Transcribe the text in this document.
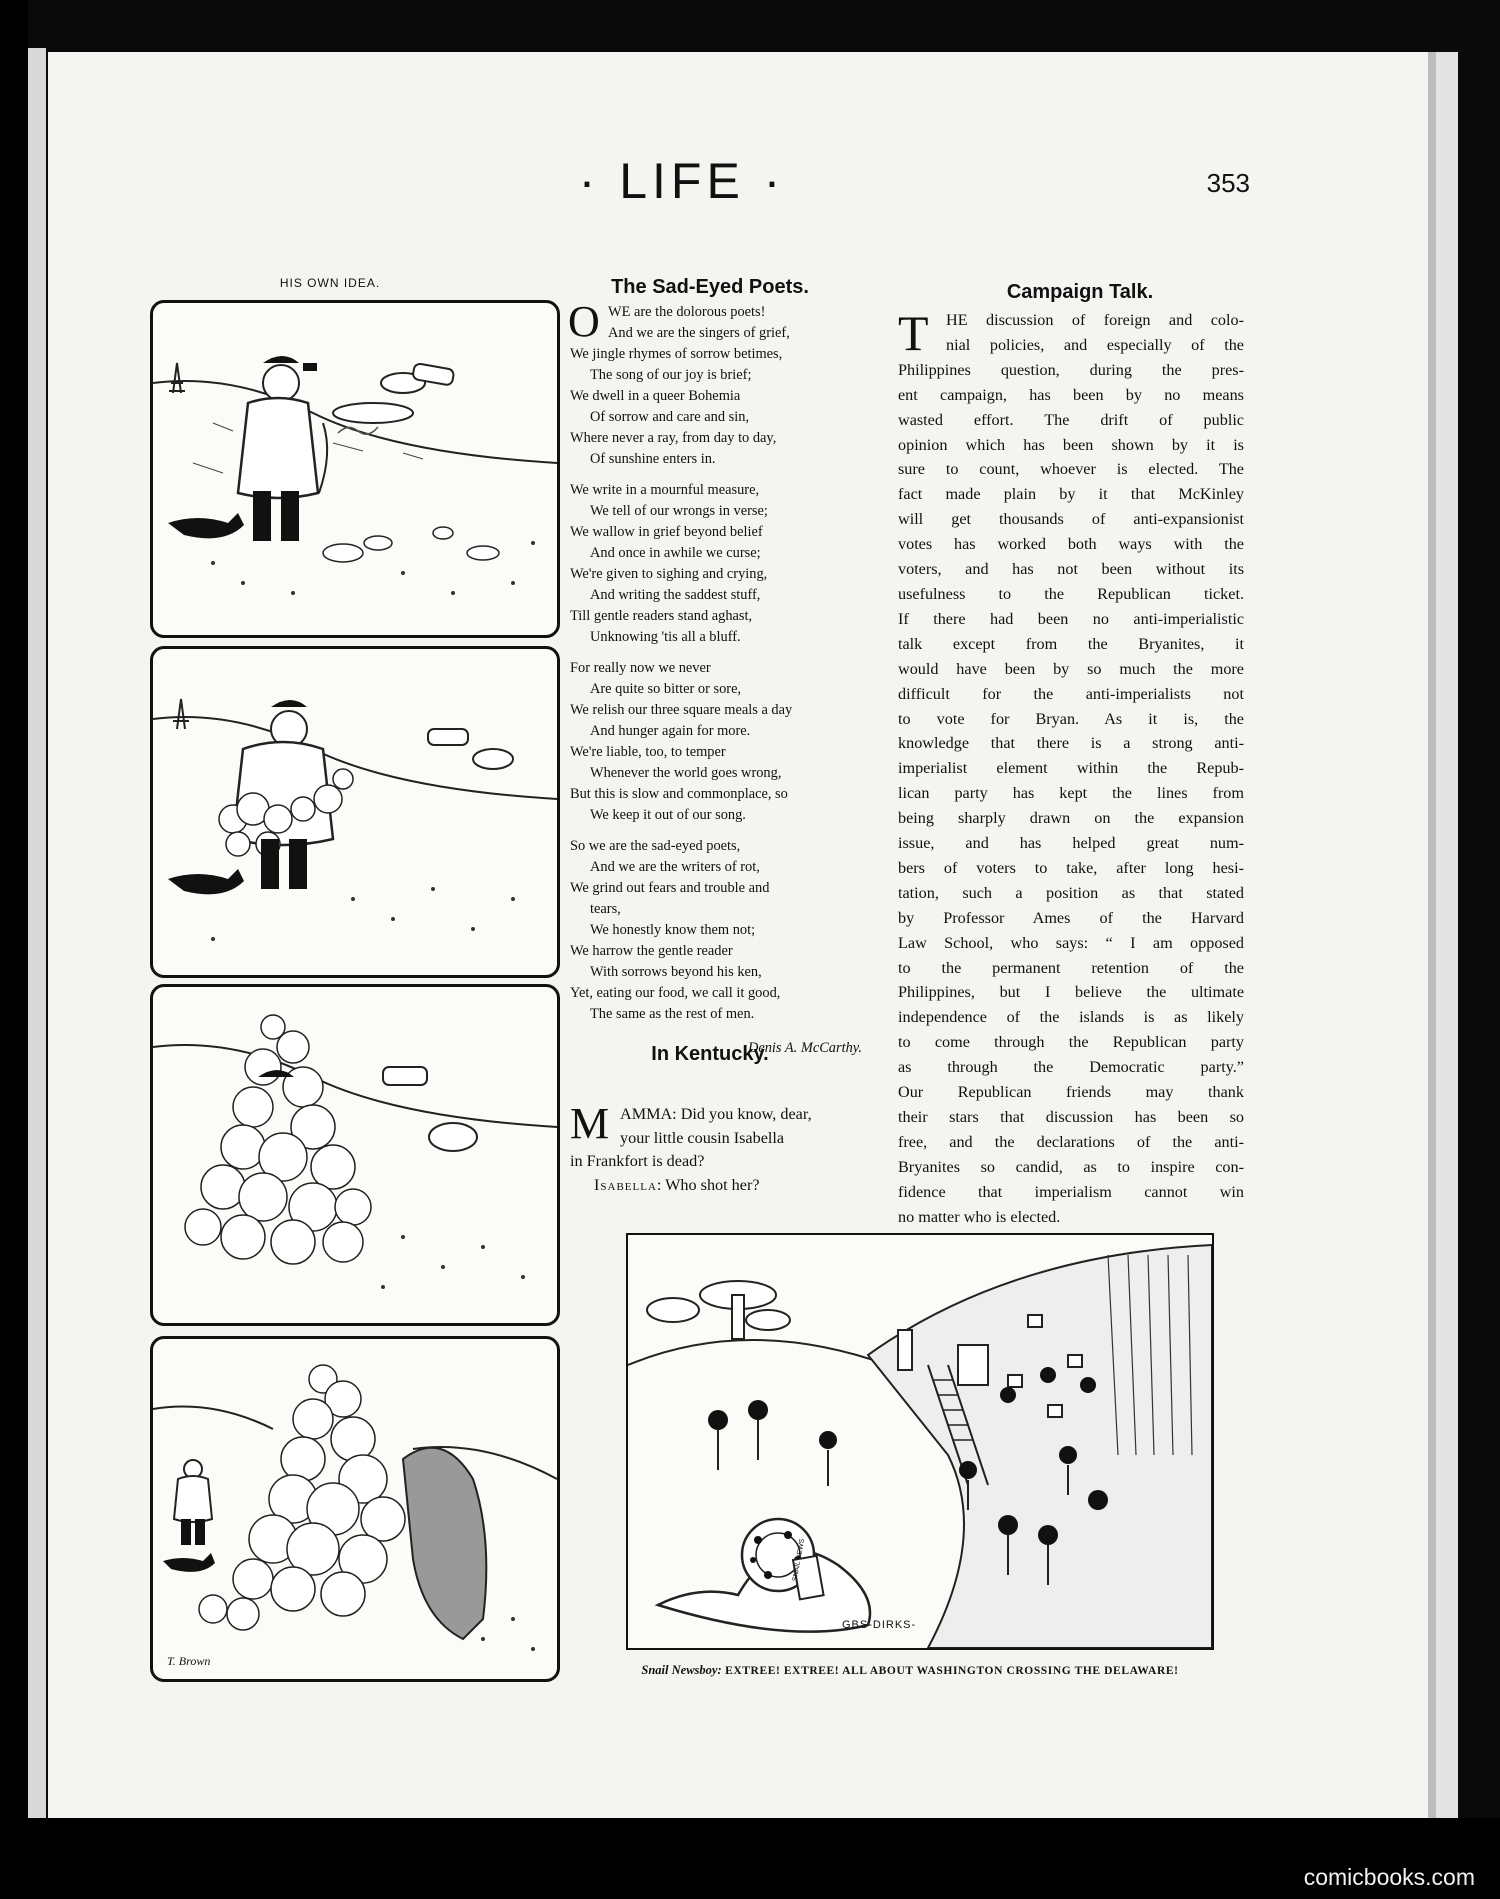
· LIFE ·	353
HIS OWN IDEA.
T. Brown
The Sad-Eyed Poets.
O WE are the dolorous poets!
And we are the singers of grief,
We jingle rhymes of sorrow betimes,
The song of our joy is brief;
We dwell in a queer Bohemia
Of sorrow and care and sin,
Where never a ray, from day to day,
Of sunshine enters in.
We write in a mournful measure,
We tell of our wrongs in verse;
We wallow in grief beyond belief
And once in awhile we curse;
We're given to sighing and crying,
And writing the saddest stuff,
Till gentle readers stand aghast,
Unknowing 'tis all a bluff.
For really now we never
Are quite so bitter or sore,
We relish our three square meals a day
And hunger again for more.
We're liable, too, to temper
Whenever the world goes wrong,
But this is slow and commonplace, so
We keep it out of our song.
So we are the sad-eyed poets,
And we are the writers of rot,
We grind out fears and trouble and
tears,
We honestly know them not;
We harrow the gentle reader
With sorrows beyond his ken,
Yet, eating our food, we call it good,
The same as the rest of men.
Denis A. McCarthy.
In Kentucky.
M AMMA: Did you know, dear,
your little cousin Isabella
in Frankfort is dead?
Isabella: Who shot her?
Campaign Talk.
T	HE discussion of foreign and colo-
nial policies, and especially of the
Philippines question, during the pres-
ent campaign, has been by no means
wasted effort. The drift of public
opinion which has been shown by it is
sure to count, whoever is elected. The
fact made plain by it that McKinley
will get thousands of anti-expansionist
votes has worked both ways with the
voters, and has not been without its
usefulness to the Republican ticket.
If there had been no anti-imperialistic
talk except from the Bryanites, it
would have been by so much the more
difficult for the anti-imperialists not
to vote for Bryan. As it is, the
knowledge that there is a strong anti-
imperialist element within the Repub-
lican party has kept the lines from
being sharply drawn on the expansion
issue, and has helped great num-
bers of voters to take, after long hesi-
tation, such a position as that stated
by Professor Ames of the Harvard
Law School, who says: “ I am opposed
to the permanent retention of the
Philippines, but I believe the ultimate
independence of the islands is as likely
to come through the Republican party
as through the Democratic party.”
Our Republican friends may thank
their stars that discussion has been so
free, and the declarations of the anti-
Bryanites so candid, as to inspire con-
fidence that imperialism cannot win
no matter who is elected.
SNAIL NEWS
GBS-DIRKS-
Snail Newsboy: EXTREE! EXTREE! ALL ABOUT WASHINGTON CROSSING THE DELAWARE!
comicbooks.com
